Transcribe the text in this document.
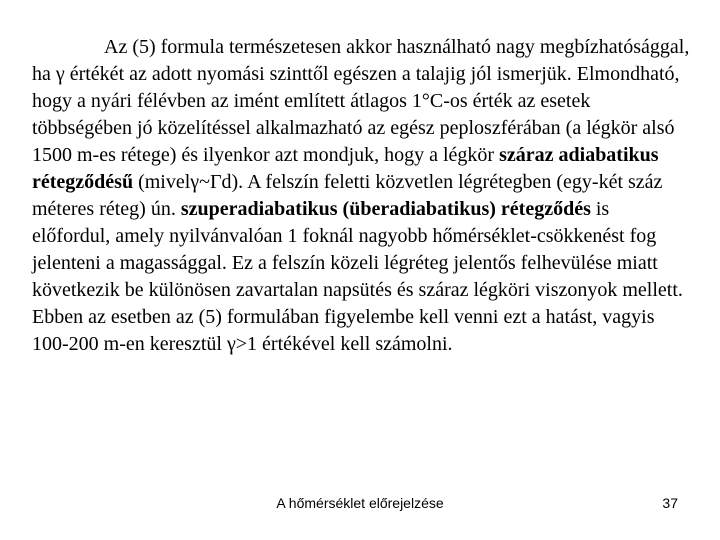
Az (5) formula természetesen akkor használható nagy megbízhatósággal, ha γ értékét az adott nyomási szinttől egészen a talajig jól ismerjük. Elmondható, hogy a nyári félévben az imént említett átlagos 1°C-os érték az esetek többségében jó közelítéssel alkalmazható az egész peploszférában (a légkör alsó 1500 m-es rétege) és ilyenkor azt mondjuk, hogy a légkör száraz adiabatikus rétegződésű (mivelγ~Γd). A felszín feletti közvetlen légrétegben (egy-két száz méteres réteg) ún. szuperadiabatikus (überadiabatikus) rétegződés is előfordul, amely nyilvánvalóan 1 foknál nagyobb hőmérséklet-csökkenést fog jelenteni a magassággal. Ez a felszín közeli légréteg jelentős felhevülése miatt következik be különösen zavartalan napsütés és száraz légköri viszonyok mellett. Ebben az esetben az (5) formulában figyelembe kell venni ezt a hatást, vagyis 100-200 m-en keresztül γ>1 értékével kell számolni.

A hőmérséklet előrejelzése	37
